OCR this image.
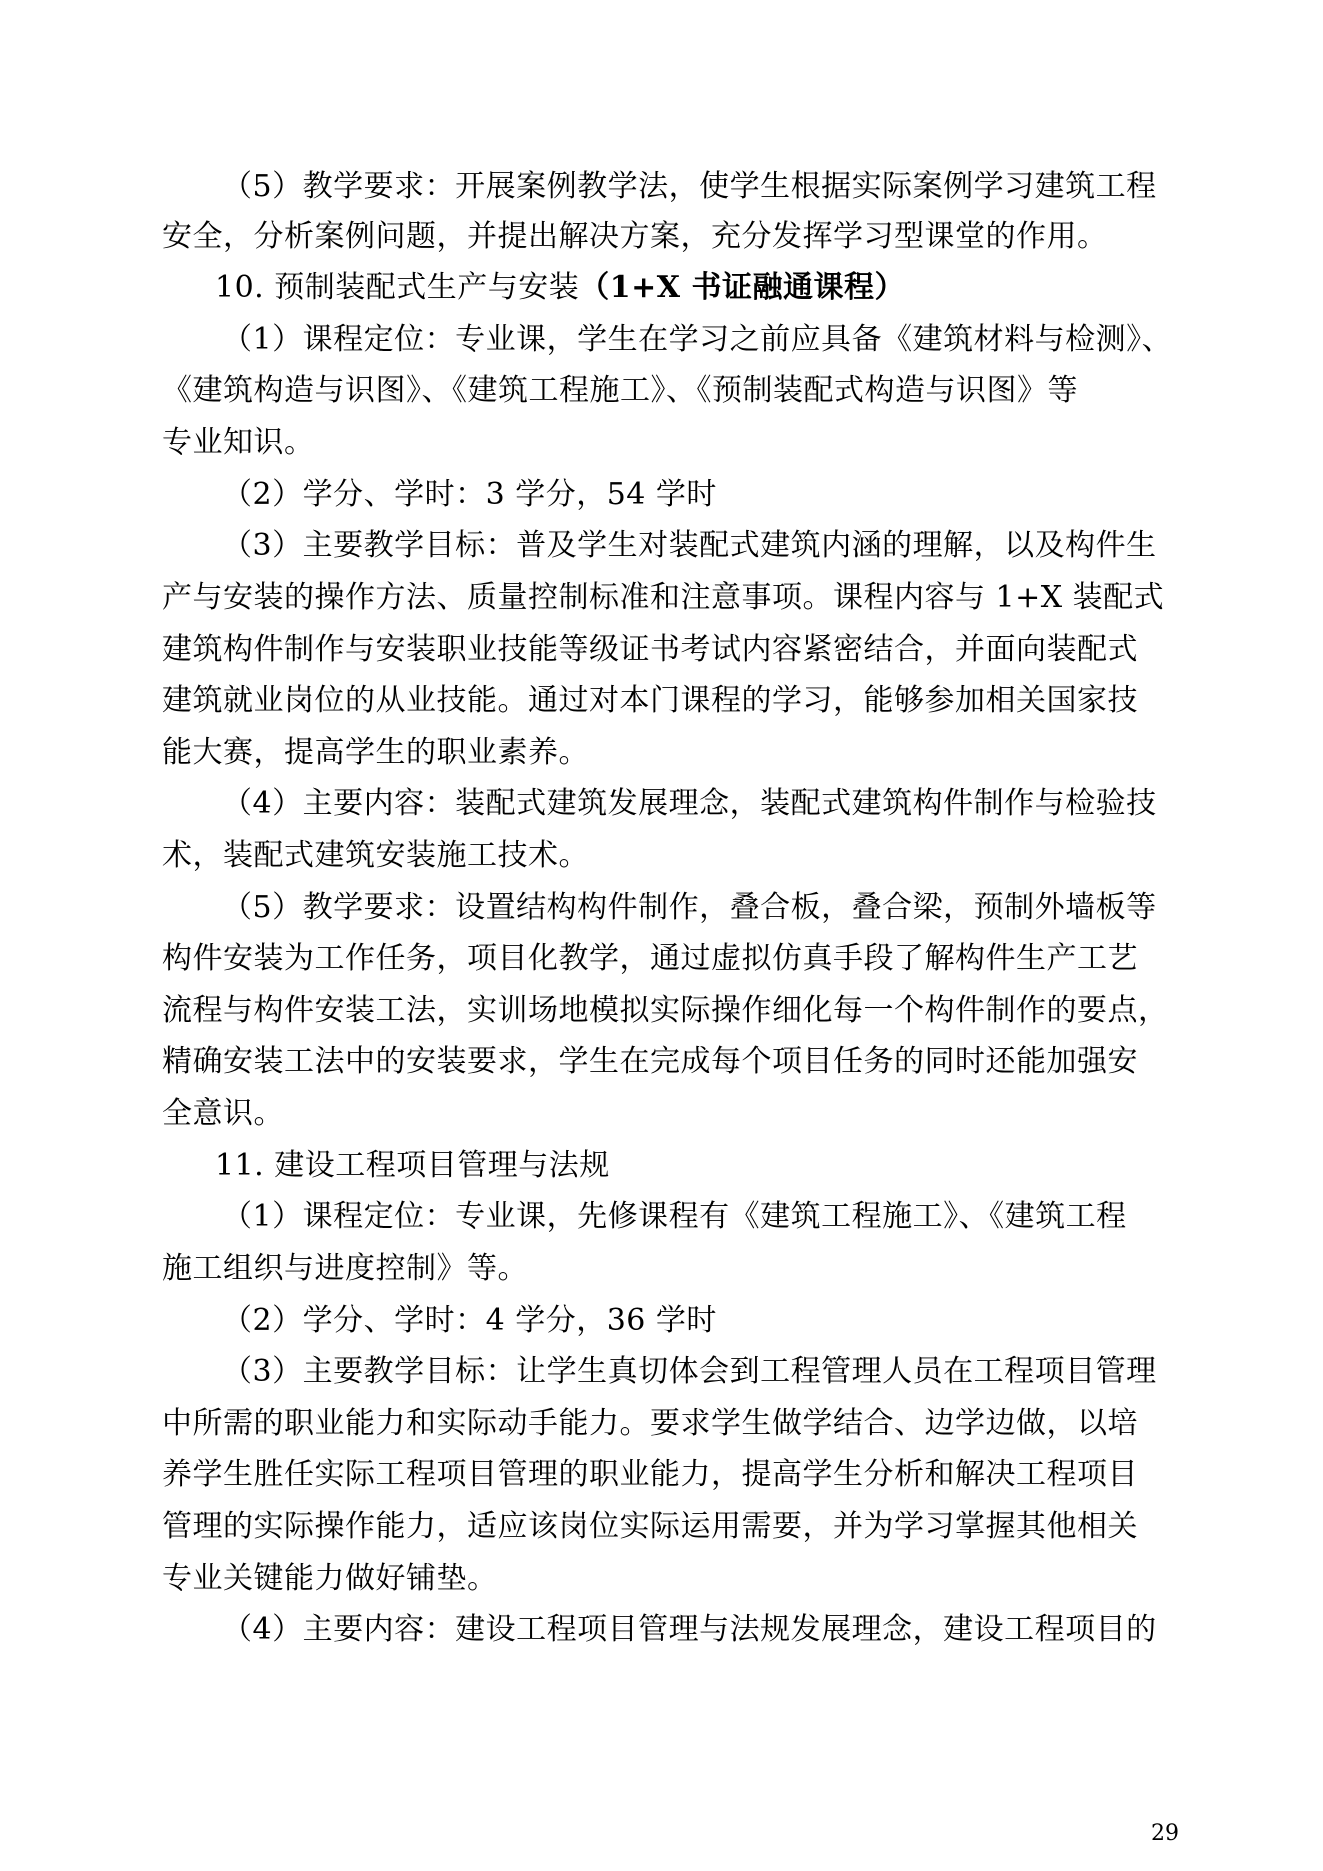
（5）教学要求：开展案例教学法，使学生根据实际案例学习建筑工程
安全，分析案例问题，并提出解决方案，充分发挥学习型课堂的作用。
10. 预制装配式生产与安装（1+X 书证融通课程）
（1）课程定位：专业课，学生在学习之前应具备《建筑材料与检测》、
《建筑构造与识图》、《建筑工程施工》、《预制装配式构造与识图》等
专业知识。
（2）学分、学时：3 学分，54 学时
（3）主要教学目标：普及学生对装配式建筑内涵的理解，以及构件生
产与安装的操作方法、质量控制标准和注意事项。课程内容与 1+X 装配式
建筑构件制作与安装职业技能等级证书考试内容紧密结合，并面向装配式
建筑就业岗位的从业技能。通过对本门课程的学习，能够参加相关国家技
能大赛，提高学生的职业素养。
（4）主要内容：装配式建筑发展理念，装配式建筑构件制作与检验技
术，装配式建筑安装施工技术。
（5）教学要求：设置结构构件制作，叠合板，叠合梁，预制外墙板等
构件安装为工作任务，项目化教学，通过虚拟仿真手段了解构件生产工艺
流程与构件安装工法，实训场地模拟实际操作细化每一个构件制作的要点，
精确安装工法中的安装要求，学生在完成每个项目任务的同时还能加强安
全意识。
11. 建设工程项目管理与法规
（1）课程定位：专业课，先修课程有《建筑工程施工》、《建筑工程
施工组织与进度控制》等。
（2）学分、学时：4 学分，36 学时
（3）主要教学目标：让学生真切体会到工程管理人员在工程项目管理
中所需的职业能力和实际动手能力。要求学生做学结合、边学边做，以培
养学生胜任实际工程项目管理的职业能力，提高学生分析和解决工程项目
管理的实际操作能力，适应该岗位实际运用需要，并为学习掌握其他相关
专业关键能力做好铺垫。
（4）主要内容：建设工程项目管理与法规发展理念，建设工程项目的
29
